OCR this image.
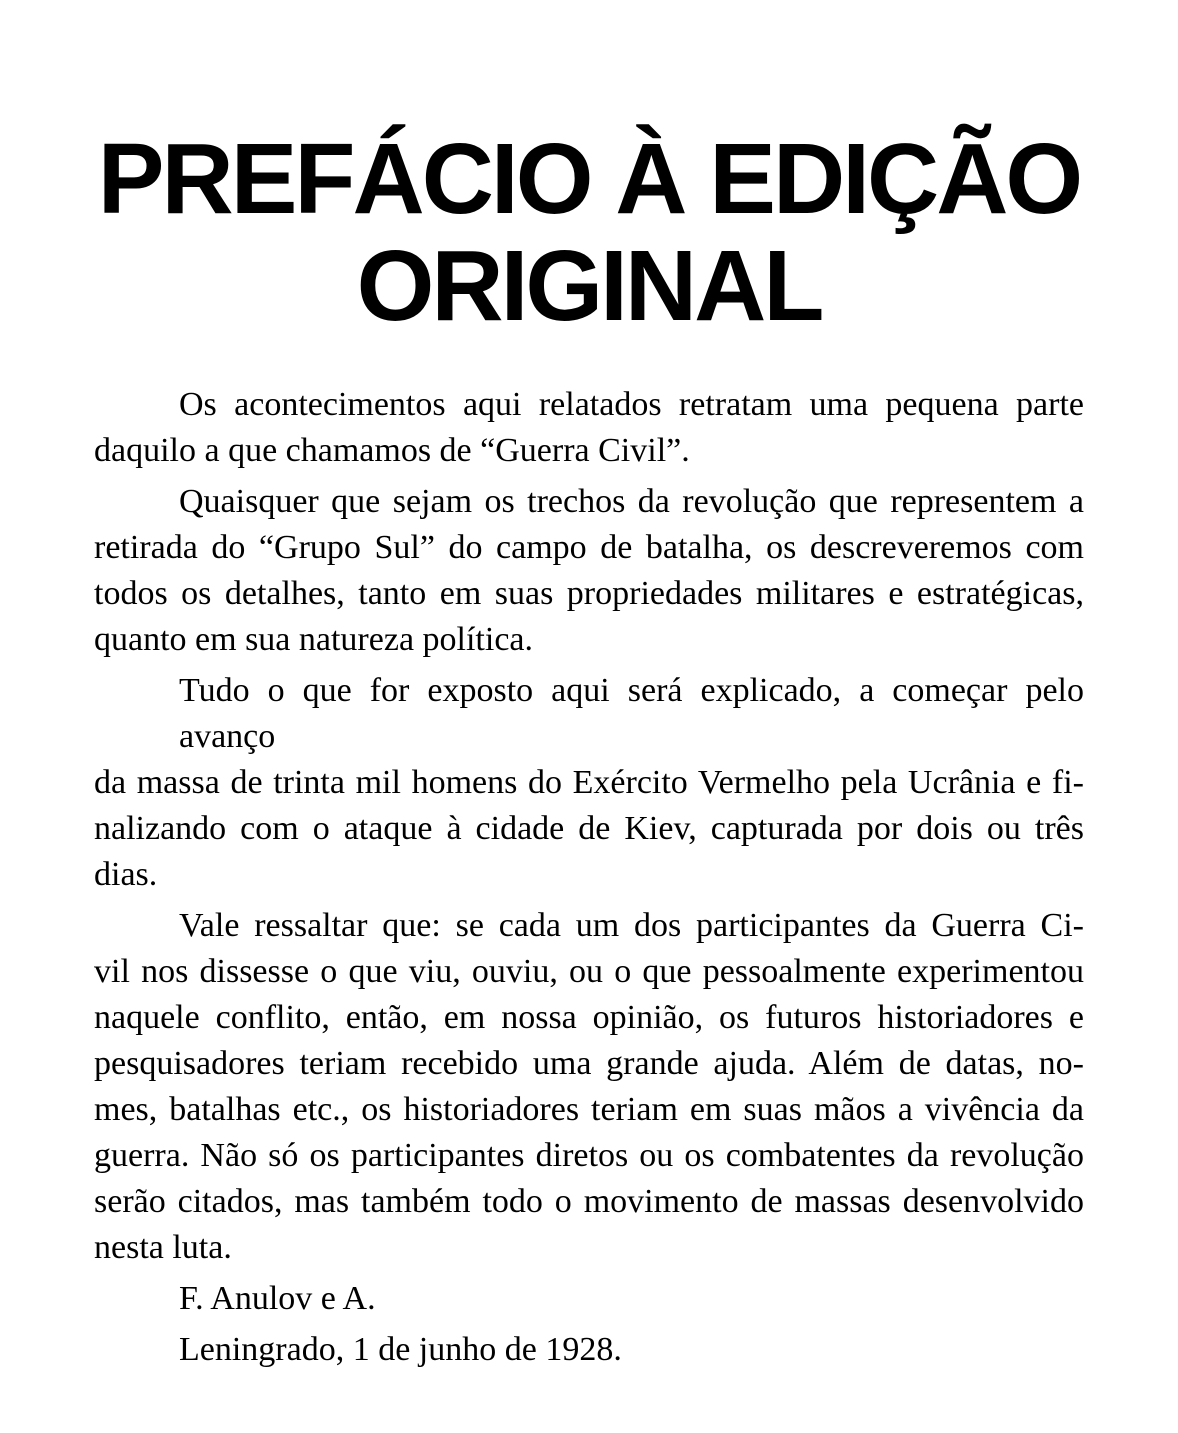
PREFÁCIO À EDIÇÃO
ORIGINAL
Os acontecimentos aqui relatados retratam uma pequena parte
daquilo a que chamamos de “Guerra Civil”.
Quaisquer que sejam os trechos da revolução que representem a
retirada do “Grupo Sul” do campo de batalha, os descreveremos com
todos os detalhes, tanto em suas propriedades militares e estratégicas,
quanto em sua natureza política.
Tudo o que for exposto aqui será explicado, a começar pelo avanço
da massa de trinta mil homens do Exército Vermelho pela Ucrânia e fi-
nalizando com o ataque à cidade de Kiev, capturada por dois ou três
dias.
Vale ressaltar que: se cada um dos participantes da Guerra Ci-
vil nos dissesse o que viu, ouviu, ou o que pessoalmente experimentou
naquele conflito, então, em nossa opinião, os futuros historiadores e
pesquisadores teriam recebido uma grande ajuda. Além de datas, no-
mes, batalhas etc., os historiadores teriam em suas mãos a vivência da
guerra. Não só os participantes diretos ou os combatentes da revolução
serão citados, mas também todo o movimento de massas desenvolvido
nesta luta.
F. Anulov e A.
Leningrado, 1 de junho de 1928.
